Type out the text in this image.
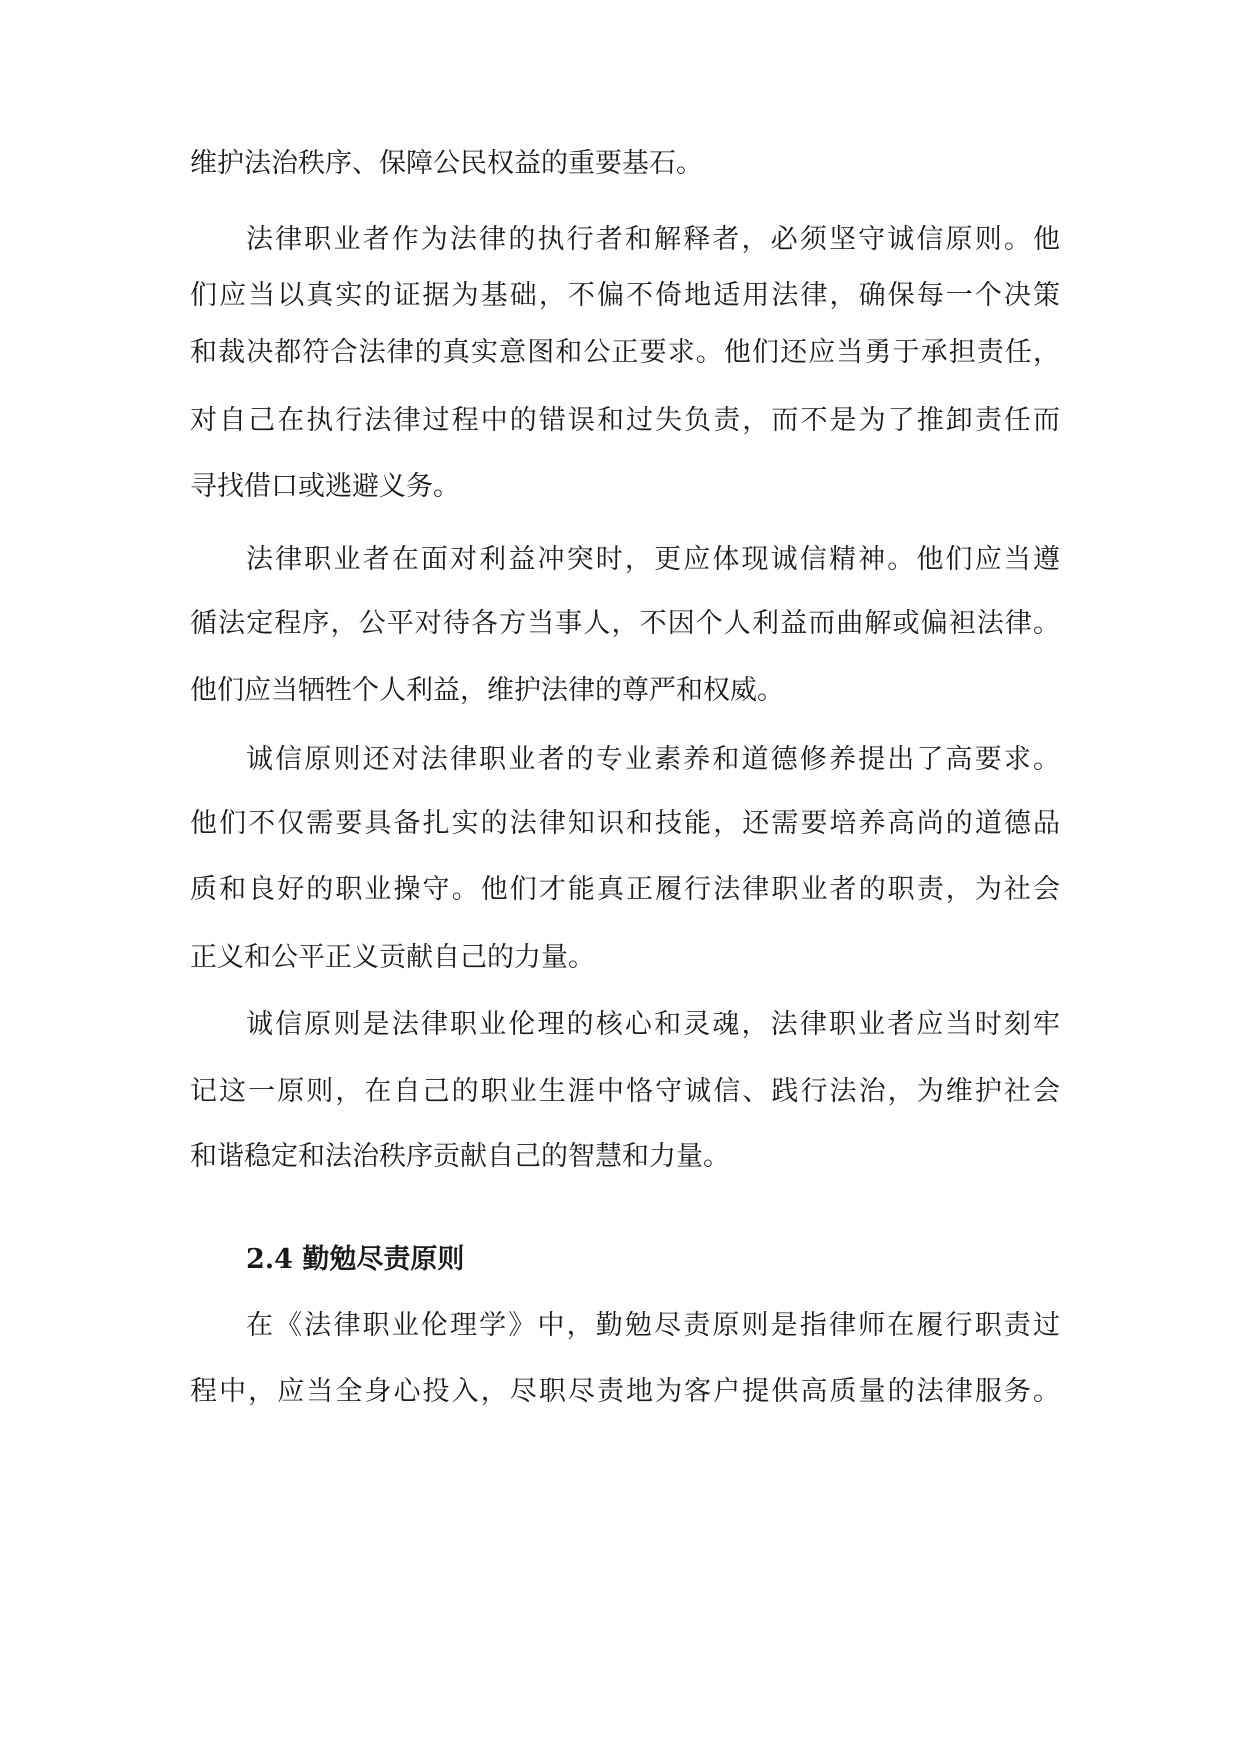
维护法治秩序、保障公民权益的重要基石。
法律职业者作为法律的执行者和解释者，必须坚守诚信原则。他
们应当以真实的证据为基础，不偏不倚地适用法律，确保每一个决策
和裁决都符合法律的真实意图和公正要求。他们还应当勇于承担责任，
对自己在执行法律过程中的错误和过失负责，而不是为了推卸责任而
寻找借口或逃避义务。
法律职业者在面对利益冲突时，更应体现诚信精神。他们应当遵
循法定程序，公平对待各方当事人，不因个人利益而曲解或偏袒法律。
他们应当牺牲个人利益，维护法律的尊严和权威。
诚信原则还对法律职业者的专业素养和道德修养提出了高要求。
他们不仅需要具备扎实的法律知识和技能，还需要培养高尚的道德品
质和良好的职业操守。他们才能真正履行法律职业者的职责，为社会
正义和公平正义贡献自己的力量。
诚信原则是法律职业伦理的核心和灵魂，法律职业者应当时刻牢
记这一原则，在自己的职业生涯中恪守诚信、践行法治，为维护社会
和谐稳定和法治秩序贡献自己的智慧和力量。
2.4 勤勉尽责原则
在《法律职业伦理学》中，勤勉尽责原则是指律师在履行职责过
程中，应当全身心投入，尽职尽责地为客户提供高质量的法律服务。
